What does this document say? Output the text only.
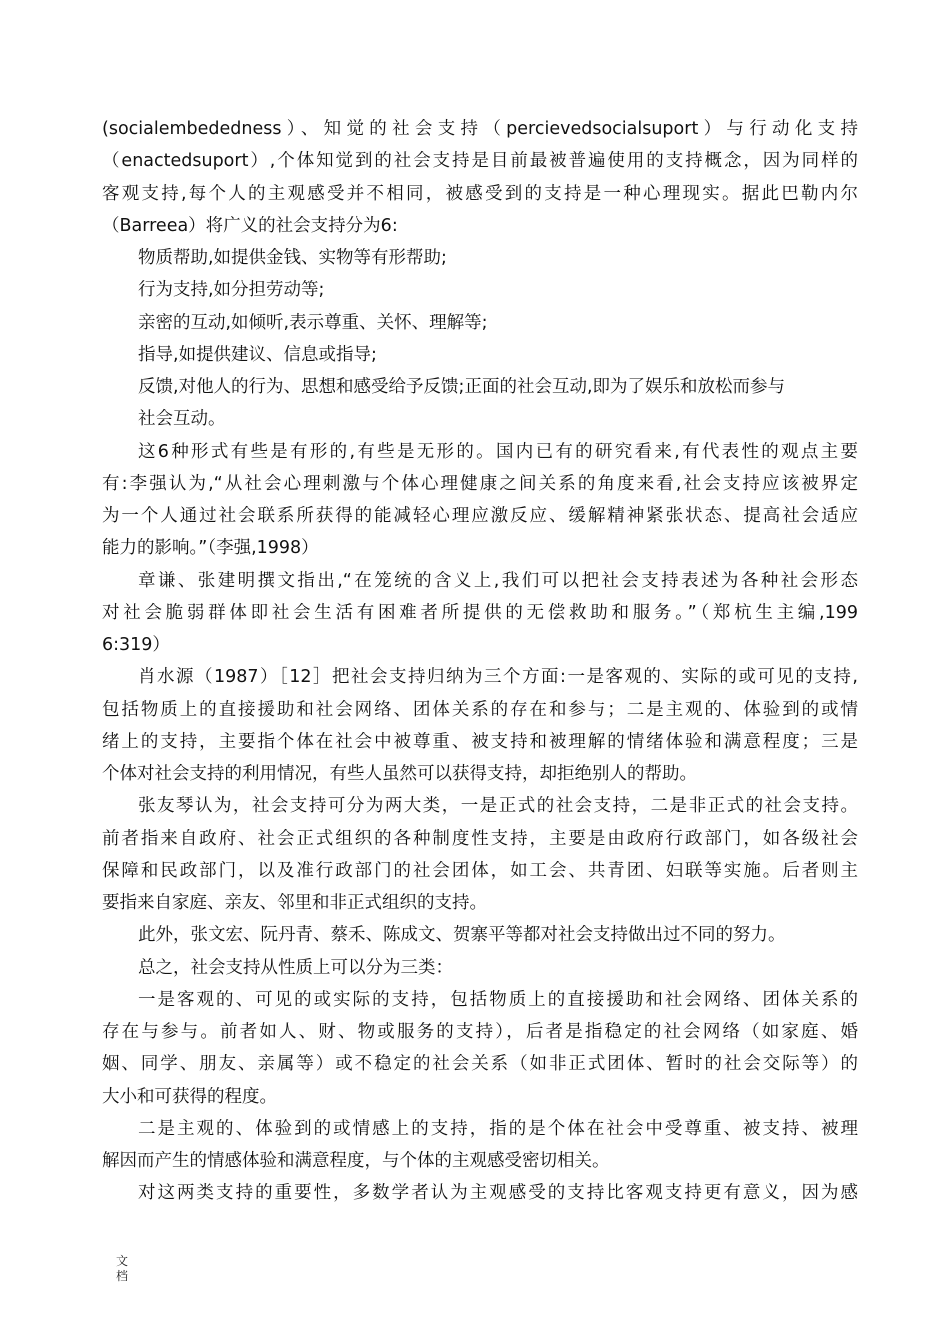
(socialembededness）、知觉的社会支持（percievedsocialsuport）与行动化支持
（enactedsuport）,个体知觉到的社会支持是目前最被普遍使用的支持概念，因为同样的
客观支持,每个人的主观感受并不相同，被感受到的支持是一种心理现实。据此巴勒内尔
（Barreea）将广义的社会支持分为6:
物质帮助,如提供金钱、实物等有形帮助;
行为支持,如分担劳动等;
亲密的互动,如倾听,表示尊重、关怀、理解等;
指导,如提供建议、信息或指导;
反馈,对他人的行为、思想和感受给予反馈;正面的社会互动,即为了娱乐和放松而参与
社会互动。
这6种形式有些是有形的,有些是无形的。国内已有的研究看来,有代表性的观点主要
有:李强认为,“从社会心理刺激与个体心理健康之间关系的角度来看,社会支持应该被界定
为一个人通过社会联系所获得的能减轻心理应激反应、缓解精神紧张状态、提高社会适应
能力的影响。”（李强,1998）
章谦、张建明撰文指出,“在笼统的含义上,我们可以把社会支持表述为各种社会形态
对社会脆弱群体即社会生活有困难者所提供的无偿救助和服务。”（郑杭生主编,199
6:319）
肖水源（1987）［12］把社会支持归纳为三个方面:一是客观的、实际的或可见的支持,
包括物质上的直接援助和社会网络、团体关系的存在和参与；二是主观的、体验到的或情
绪上的支持，主要指个体在社会中被尊重、被支持和被理解的情绪体验和满意程度；三是
个体对社会支持的利用情况，有些人虽然可以获得支持，却拒绝别人的帮助。
张友琴认为，社会支持可分为两大类，一是正式的社会支持，二是非正式的社会支持。
前者指来自政府、社会正式组织的各种制度性支持，主要是由政府行政部门，如各级社会
保障和民政部门，以及准行政部门的社会团体，如工会、共青团、妇联等实施。后者则主
要指来自家庭、亲友、邻里和非正式组织的支持。
此外，张文宏、阮丹青、蔡禾、陈成文、贺寨平等都对社会支持做出过不同的努力。
总之，社会支持从性质上可以分为三类：
一是客观的、可见的或实际的支持，包括物质上的直接援助和社会网络、团体关系的
存在与参与。前者如人、财、物或服务的支持），后者是指稳定的社会网络（如家庭、婚
姻、同学、朋友、亲属等）或不稳定的社会关系（如非正式团体、暂时的社会交际等）的
大小和可获得的程度。
二是主观的、体验到的或情感上的支持，指的是个体在社会中受尊重、被支持、被理
解因而产生的情感体验和满意程度，与个体的主观感受密切相关。
对这两类支持的重要性，多数学者认为主观感受的支持比客观支持更有意义，因为感
文
档
